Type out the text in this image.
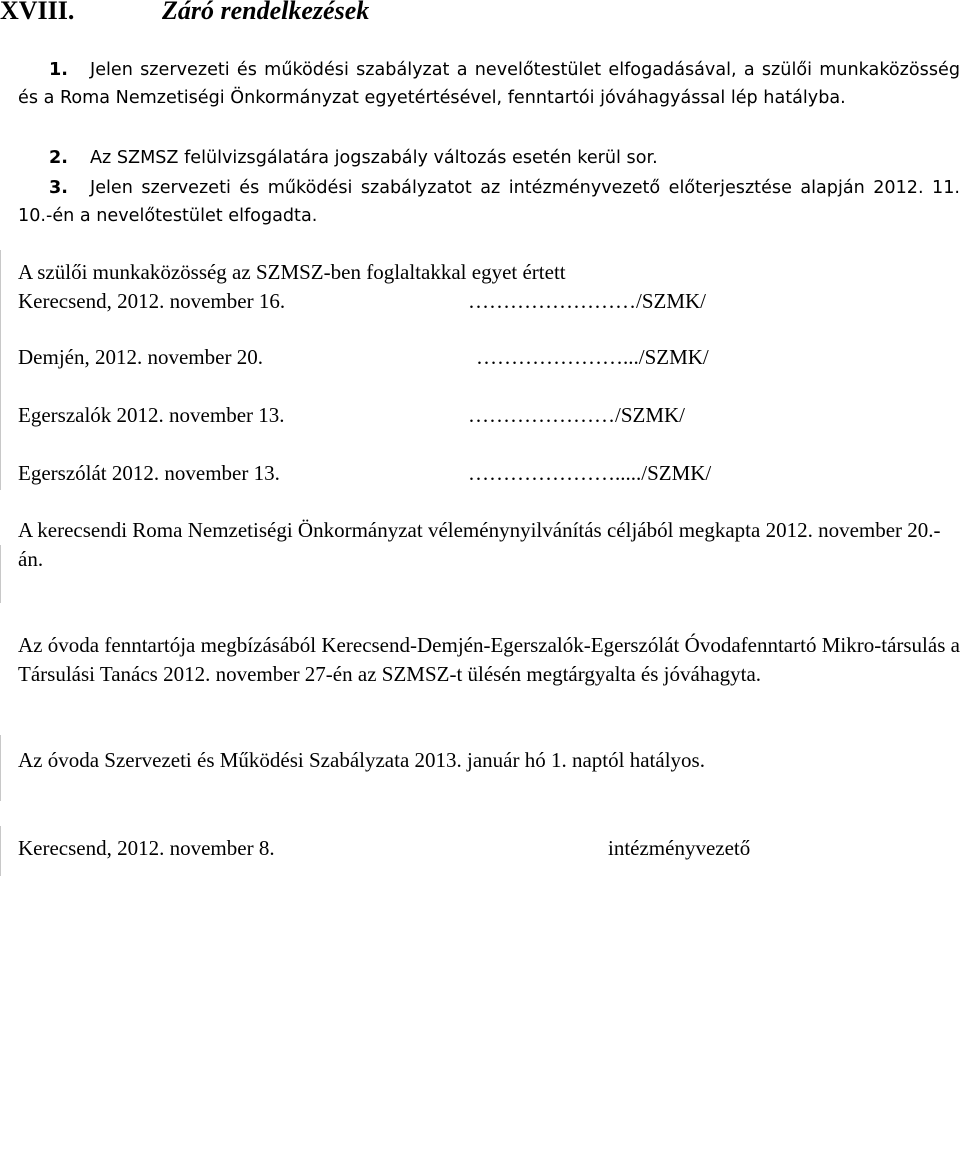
XVIII.	Záró rendelkezések
1.	Jelen szervezeti és működési szabályzat a nevelőtestület elfogadásával, a szülői munkaközösség és a Roma Nemzetiségi Önkormányzat egyetértésével, fenntartói jóváhagyással lép hatályba.
2.	Az SZMSZ felülvizsgálatára jogszabály változás esetén kerül sor.
3.	Jelen szervezeti és működési szabályzatot az intézményvezető előterjesztése alapján 2012. 11. 10.-én a nevelőtestület elfogadta.
A szülői munkaközösség az SZMSZ-ben foglaltakkal egyet értett
Kerecsend, 2012. november 16.	……………………/SZMK/
Demjén, 2012. november 20.	………………….../SZMK/
Egerszalók 2012. november 13.	…………………/SZMK/
Egerszólát 2012. november 13.	…………………...../SZMK/
A kerecsendi Roma Nemzetiségi Önkormányzat véleménynyilvánítás céljából megkapta 2012. november 20.-án.
Az óvoda fenntartója megbízásából Kerecsend-Demjén-Egerszalók-Egerszólát Óvodafenntartó Mikro-társulás a Társulási Tanács 2012. november 27-én az SZMSZ-t ülésén megtárgyalta és jóváhagyta.
Az óvoda Szervezeti és Működési Szabályzata 2013. január hó 1. naptól hatályos.
Kerecsend, 2012. november 8.	intézményvezető
